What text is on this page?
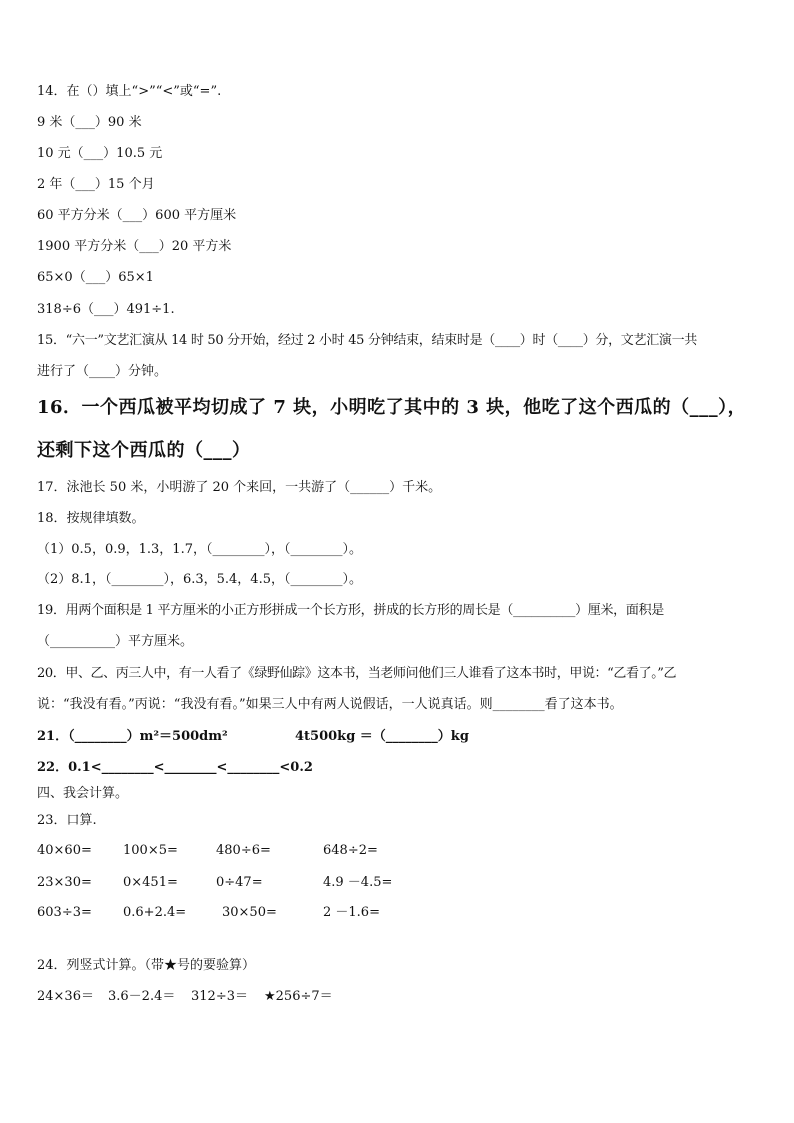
14．在（）填上“>”“<”或“=”.
9 米（___）90 米
10 元（___）10.5 元
2 年（___）15 个月
60 平方分米（___）600 平方厘米
1900 平方分米（___）20 平方米
65×0（___）65×1
318÷6（___）491÷1.
15．“六一”文艺汇演从 14 时 50 分开始，经过 2 小时 45 分钟结束，结束时是（____）时（____）分，文艺汇演一共
进行了（____）分钟。
16．一个西瓜被平均切成了 7 块，小明吃了其中的 3 块，他吃了这个西瓜的（___），
还剩下这个西瓜的（___）
17．泳池长 50 米，小明游了 20 个来回，一共游了（______）千米。
18．按规律填数。
（1）0.5，0.9，1.3，1.7，（________），（________）。
（2）8.1，（________），6.3，5.4，4.5，（________）。
19．用两个面积是 1 平方厘米的小正方形拼成一个长方形，拼成的长方形的周长是（__________）厘米，面积是
（__________）平方厘米。
20．甲、乙、丙三人中，有一人看了《绿野仙踪》这本书，当老师问他们三人谁看了这本书时，甲说：“乙看了。”乙
说：“我没有看。”丙说：“我没有看。”如果三人中有两人说假话，一人说真话。则________看了这本书。
21．（________）m²＝500dm²	4t500kg ＝（________）kg
22．0.1<________<________<________<0.2
四、我会计算。
23．口算.
40×60= 100×5=	480÷6=	648÷2=
23×30= 0×451=	0÷47=	4.9 －4.5=
603÷3= 0.6+2.4=	30×50=	2 －1.6=
24．列竖式计算。（带★号的要验算）
24×36＝ 3.6－2.4＝ 312÷3＝ ★256÷7＝
